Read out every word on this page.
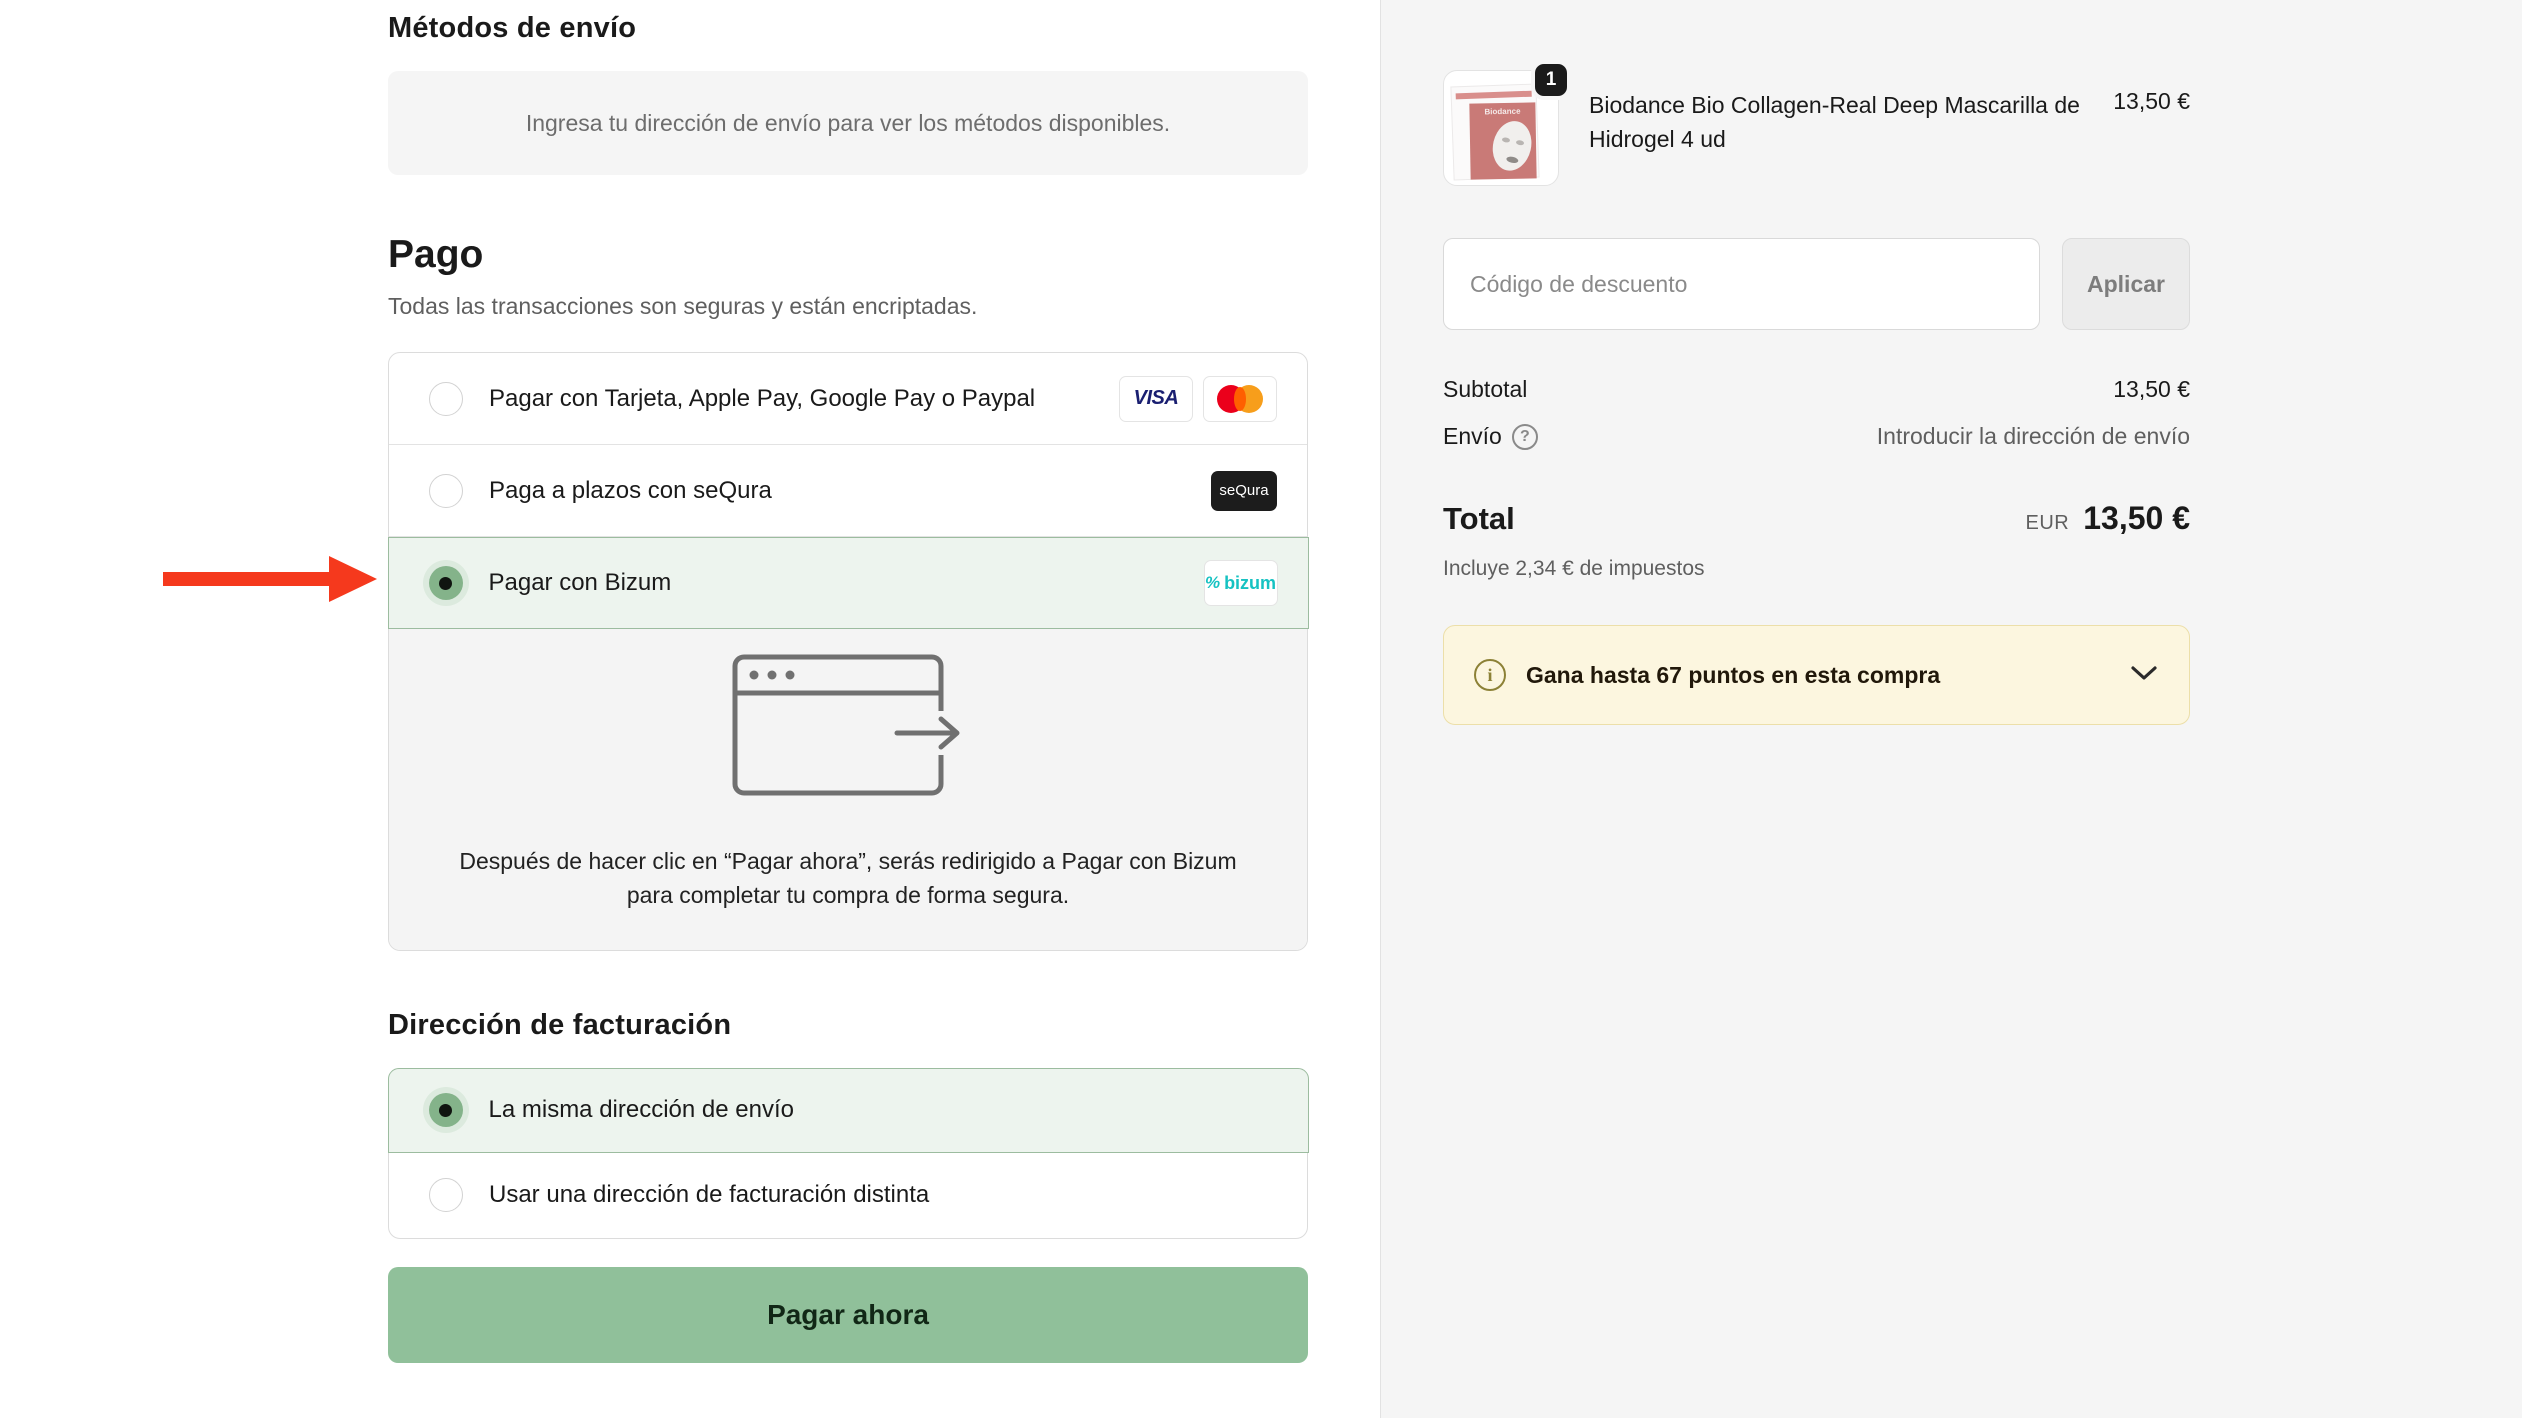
Métodos de envío
Ingresa tu dirección de envío para ver los métodos disponibles.
Pago
Todas las transacciones son seguras y están encriptadas.
Pagar con Tarjeta, Apple Pay, Google Pay o Paypal	VISA
Paga a plazos con seQura	seQura
Pagar con Bizum	% bizum
Después de hacer clic en “Pagar ahora”, serás redirigido a Pagar con Bizum para completar tu compra de forma segura.
Dirección de facturación
La misma dirección de envío
Usar una dirección de facturación distinta
Pagar ahora
Biodance
1
Biodance Bio Collagen-Real Deep Mascarilla de Hidrogel 4 ud
13,50 €
Código de descuento
Aplicar
Subtotal	13,50 €
Envío	?	Introducir la dirección de envío
Total	EUR 13,50 €
Incluye 2,34 € de impuestos
i	Gana hasta 67 puntos en esta compra
